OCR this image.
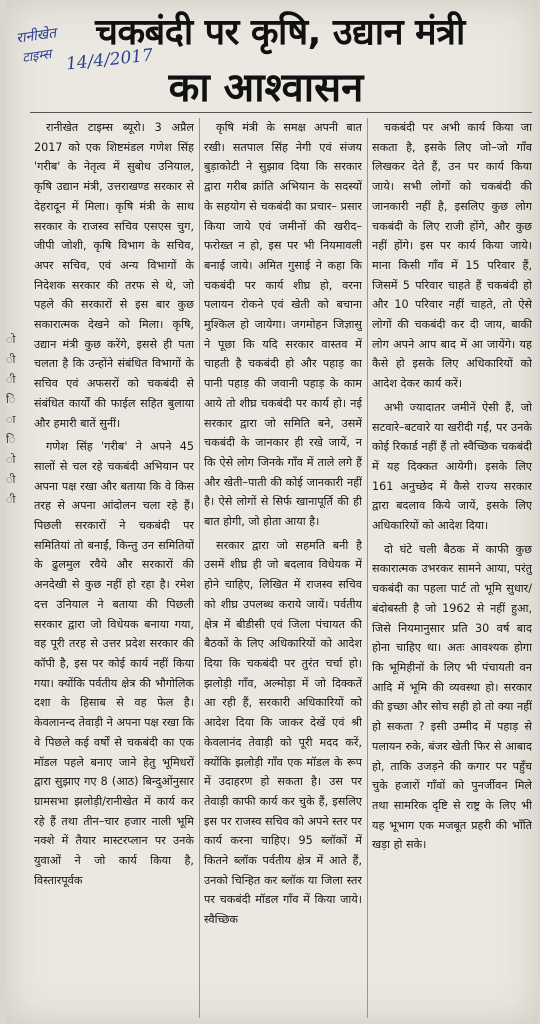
ो
ी
ी
ि
ा
ि
ो
ी
ी
चकबंदी पर कृषि, उद्यान मंत्री
रानीखेत
टाइम्स 14/4/2017
का आश्वासन

रानीखेत टाइम्स ब्यूरो। 3 अप्रैल 2017 को एक शिष्टमंडल गणेश सिंह 'गरीब' के नेतृत्व में सुबोध उनियाल, कृषि उद्यान मंत्री, उत्तराखण्ड सरकार से देहरादून में मिला। कृषि मंत्री के साथ सरकार के राजस्व सचिव एसएस चुग, जीपी जोशी, कृषि विभाग के सचिव, अपर सचिव, एवं अन्य विभागों के निदेशक सरकार की तरफ से थे, जो पहले की सरकारों से इस बार कुछ सकारात्मक देखने को मिला। कृषि, उद्यान मंत्री कुछ करेंगे, इससे ही पता चलता है कि उन्होंने संबंधित विभागों के सचिव एवं अफसरों को चकबंदी से संबंधित कार्यों की फाईल सहित बुलाया और हमारी बातें सुनीं।

गणेश सिंह 'गरीब' ने अपने 45 सालों से चल रहे चकबंदी अभियान पर अपना पक्ष रखा और बताया कि वे किस तरह से अपना आंदोलन चला रहे हैं। पिछली सरकारों ने चकबंदी पर समितियां तो बनाईं, किन्तु उन समितियों के ढुलमुल रवैये और सरकारों की अनदेखी से कुछ नहीं हो रहा है। रमेश दत्त उनियाल ने बताया की पिछली सरकार द्वारा जो विधेयक बनाया गया, वह पूरी तरह से उत्तर प्रदेश सरकार की कॉपी है, इस पर कोई कार्य नहीं किया गया। क्योंकि पर्वतीय क्षेत्र की भौगोलिक दशा के हिसाब से वह फेल है। केवलानन्द तेवाड़ी ने अपना पक्ष रखा कि वे पिछले कई वर्षों से चकबंदी का एक मॉडल पहले बनाए जाने हेतु भूमिधरों द्वारा सुझाए गए 8 (आठ) बिन्दुओंनुसार ग्रामसभा झलोड़ी/रानीखेत में कार्य कर रहे हैं तथा तीन–चार हजार नाली भूमि नक्शे में तैयार मास्टरप्लान पर उनके युवाओं ने जो कार्य किया है, विस्तारपूर्वक

कृषि मंत्री के समक्ष अपनी बात रखी। सतपाल सिंह नेगी एवं संजय बुड़ाकोटी ने सुझाव दिया कि सरकार द्वारा गरीब क्रांति अभियान के सदस्यों के सहयोग से चकबंदी का प्रचार– प्रसार किया जाये एवं जमीनों की खरीद–फरोख्त न हो, इस पर भी नियमावली बनाई जाये। अमित गुसाई ने कहा कि चकबंदी पर कार्य शीघ्र हो, वरना पलायन रोकने एवं खेती को बचाना मुश्किल हो जायेगा। जगमोहन जिज्ञासु ने पूछा कि यदि सरकार वास्तव में चाहती है चकबंदी हो और पहाड़ का पानी पहाड़ की जवानी पहाड़ के काम आये तो शीघ्र चकबंदी पर कार्य हो। नई सरकार द्वारा जो समिति बने, उसमें चकबंदी के जानकार ही रखे जायें, न कि ऐसे लोग जिनके गाँव में ताले लगे हैं और खेती–पाती की कोई जानकारी नहीं है। ऐसे लोगों से सिर्फ खानापूर्ति की ही बात होगी, जो होता आया है।

सरकार द्वारा जो सहमति बनी है उसमें शीघ्र ही जो बदलाव विधेयक में होने चाहिए, लिखित में राजस्व सचिव को शीघ्र उपलब्ध कराये जायें। पर्वतीय क्षेत्र में बीडीसी एवं जिला पंचायत की बैठकों के लिए अधिकारियों को आदेश दिया कि चकबंदी पर तुरंत चर्चा हो। झलोड़ी गाँव, अल्मोड़ा में जो दिक्कतें आ रही हैं, सरकारी अधिकारियों को आदेश दिया कि जाकर देखें एवं श्री केवलानंद तेवाड़ी को पूरी मदद करें, क्योंकि झलोड़ी गाँव एक मॉडल के रूप में उदाहरण हो सकता है। उस पर तेवाड़ी काफी कार्य कर चुके हैं, इसलिए इस पर राजस्व सचिव को अपने स्तर पर कार्य करना चाहिए। 95 ब्लॉकों में कितने ब्लॉक पर्वतीय क्षेत्र में आते हैं, उनको चिन्हित कर ब्लॉक या जिला स्तर पर चकबंदी मॉडल गाँव में किया जाये। स्वैच्छिक

चकबंदी पर अभी कार्य किया जा सकता है, इसके लिए जो–जो गाँव लिखकर देते हैं, उन पर कार्य किया जाये। सभी लोगों को चकबंदी की जानकारी नहीं है, इसलिए कुछ लोग चकबंदी के लिए राजी होंगे, और कुछ नहीं होंगे। इस पर कार्य किया जाये। माना किसी गाँव में 15 परिवार हैं, जिसमें 5 परिवार चाहते हैं चकबंदी हो और 10 परिवार नहीं चाहते, तो ऐसे लोगों की चकबंदी कर दी जाय, बाकी लोग अपने आप बाद में आ जायेंगे। यह कैसे हो इसके लिए अधिकारियों को आदेश देकर कार्य करें।

अभी ज्यादातर जमीनें ऐसी हैं, जो सटवारे–बटवारे या खरीदी गईं, पर उनके कोई रिकार्ड नहीं हैं तो स्वैच्छिक चकबंदी में यह दिक्कत आयेगी। इसके लिए 161 अनुच्छेद में कैसे राज्य सरकार द्वारा बदलाव किये जायें, इसके लिए अधिकारियों को आदेश दिया।

दो घंटे चली बैठक में काफी कुछ सकारात्मक उभरकर सामने आया, परंतु चकबंदी का पहला पार्ट तो भूमि सुधार/बंदोबस्ती है जो 1962 से नहीं हुआ, जिसे नियमानुसार प्रति 30 वर्ष बाद होना चाहिए था। अतः आवश्यक होगा कि भूमिहीनों के लिए भी पंचायती वन आदि में भूमि की व्यवस्था हो। सरकार की इच्छा और सोच सही हो तो क्या नहीं हो सकता ? इसी उम्मीद में पहाड़ से पलायन रुके, बंजर खेती फिर से आबाद हो, ताकि उजड़ने की कगार पर पहुँच चुके हजारों गाँवों को पुनर्जीवन मिले तथा सामरिक दृष्टि से राष्ट्र के लिए भी यह भूभाग एक मजबूत प्रहरी की भाँति खड़ा हो सके।
